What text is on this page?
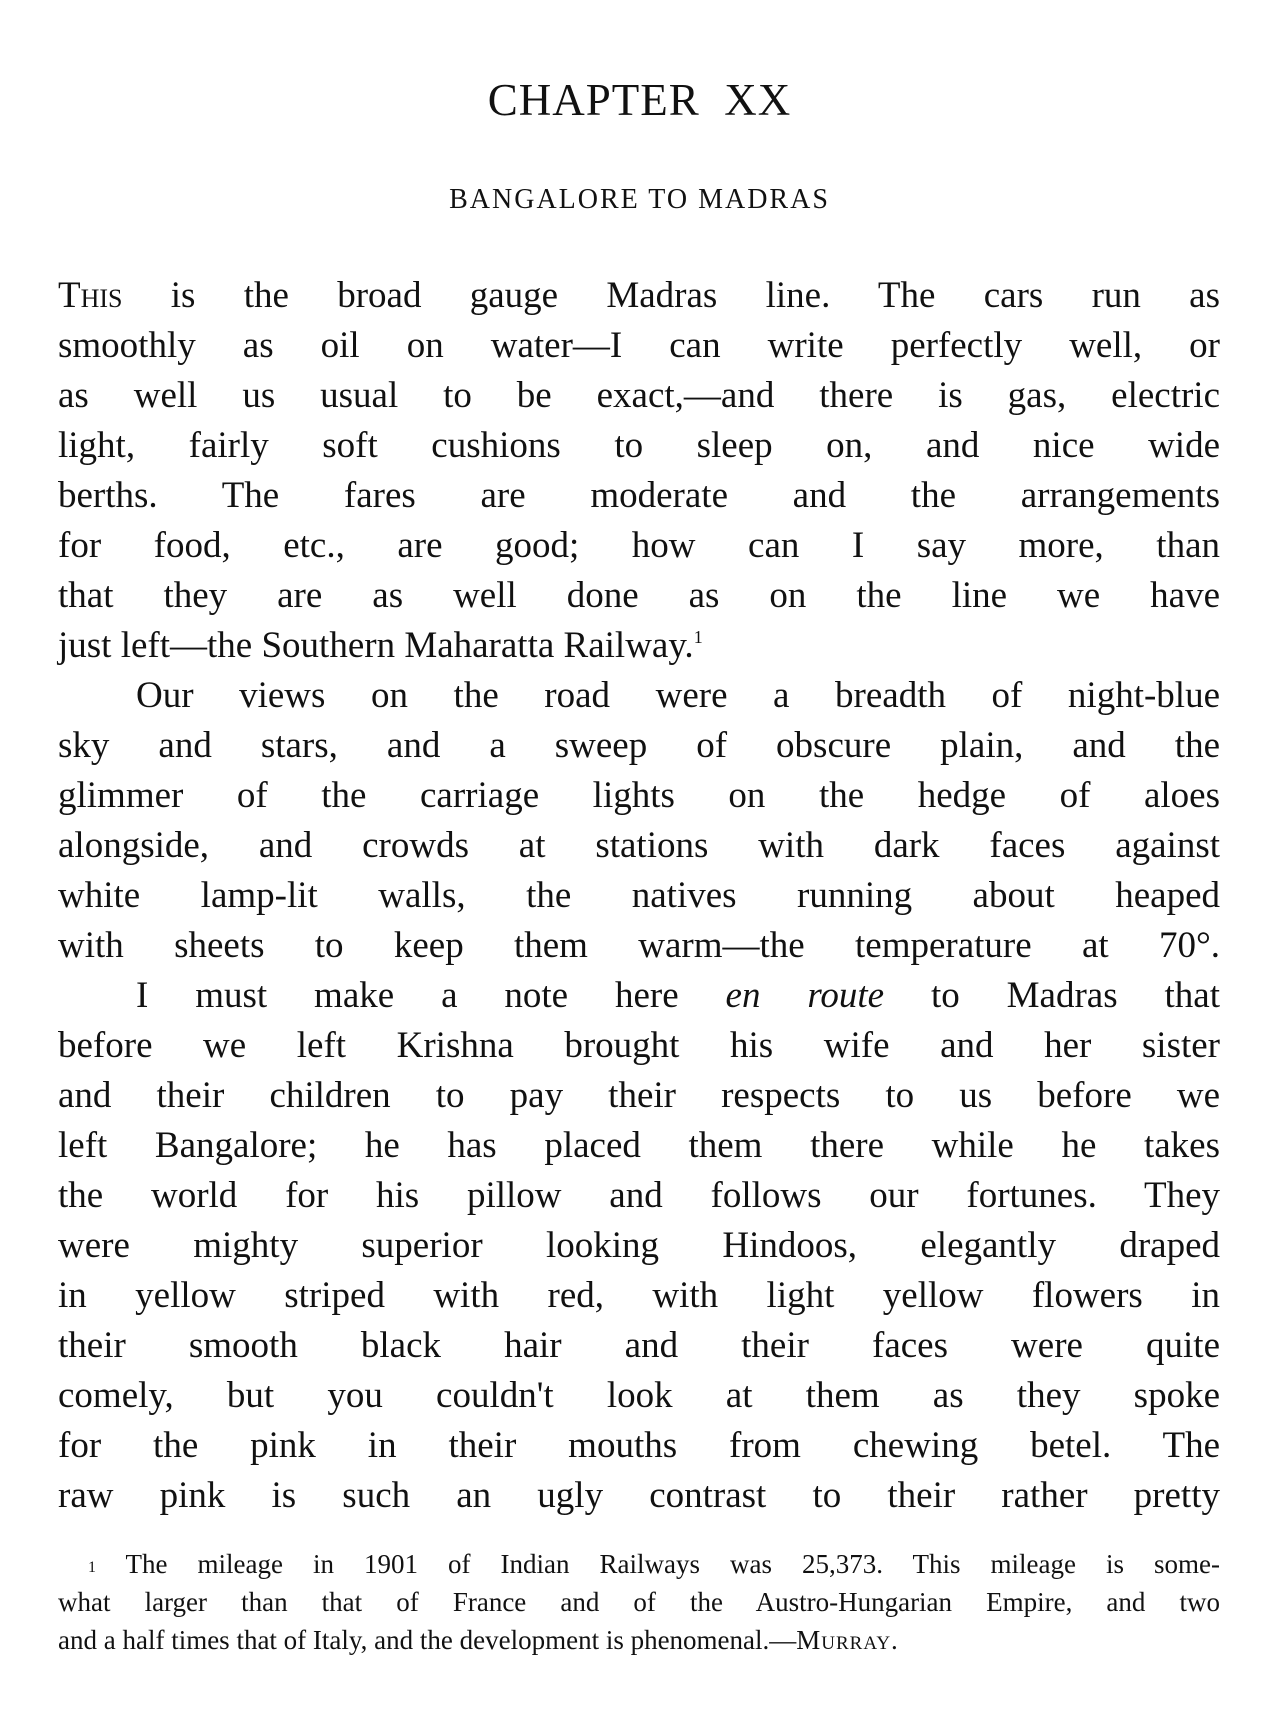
CHAPTER  XX
BANGALORE TO MADRAS
This is the broad gauge Madras line. The cars run as
smoothly as oil on water—I can write perfectly well, or
as well us usual to be exact,—and there is gas, electric
light, fairly soft cushions to sleep on, and nice wide
berths. The fares are moderate and the arrangements
for food, etc., are good; how can I say more, than
that they are as well done as on the line we have
just left—the Southern Maharatta Railway.$^1$
Our views on the road were a breadth of night-blue
sky and stars, and a sweep of obscure plain, and the
glimmer of the carriage lights on the hedge of aloes
alongside, and crowds at stations with dark faces against
white lamp-lit walls, the natives running about heaped
with sheets to keep them warm—the temperature at 70°.
I must make a note here en route to Madras that
before we left Krishna brought his wife and her sister
and their children to pay their respects to us before we
left Bangalore; he has placed them there while he takes
the world for his pillow and follows our fortunes. They
were mighty superior looking Hindoos, elegantly draped
in yellow striped with red, with light yellow flowers in
their smooth black hair and their faces were quite
comely, but you couldn't look at them as they spoke
for the pink in their mouths from chewing betel. The
raw pink is such an ugly contrast to their rather pretty
$^1$ The mileage in 1901 of Indian Railways was 25,373. This mileage is some-
what larger than that of France and of the Austro-Hungarian Empire, and two
and a half times that of Italy, and the development is phenomenal.—Murray.
